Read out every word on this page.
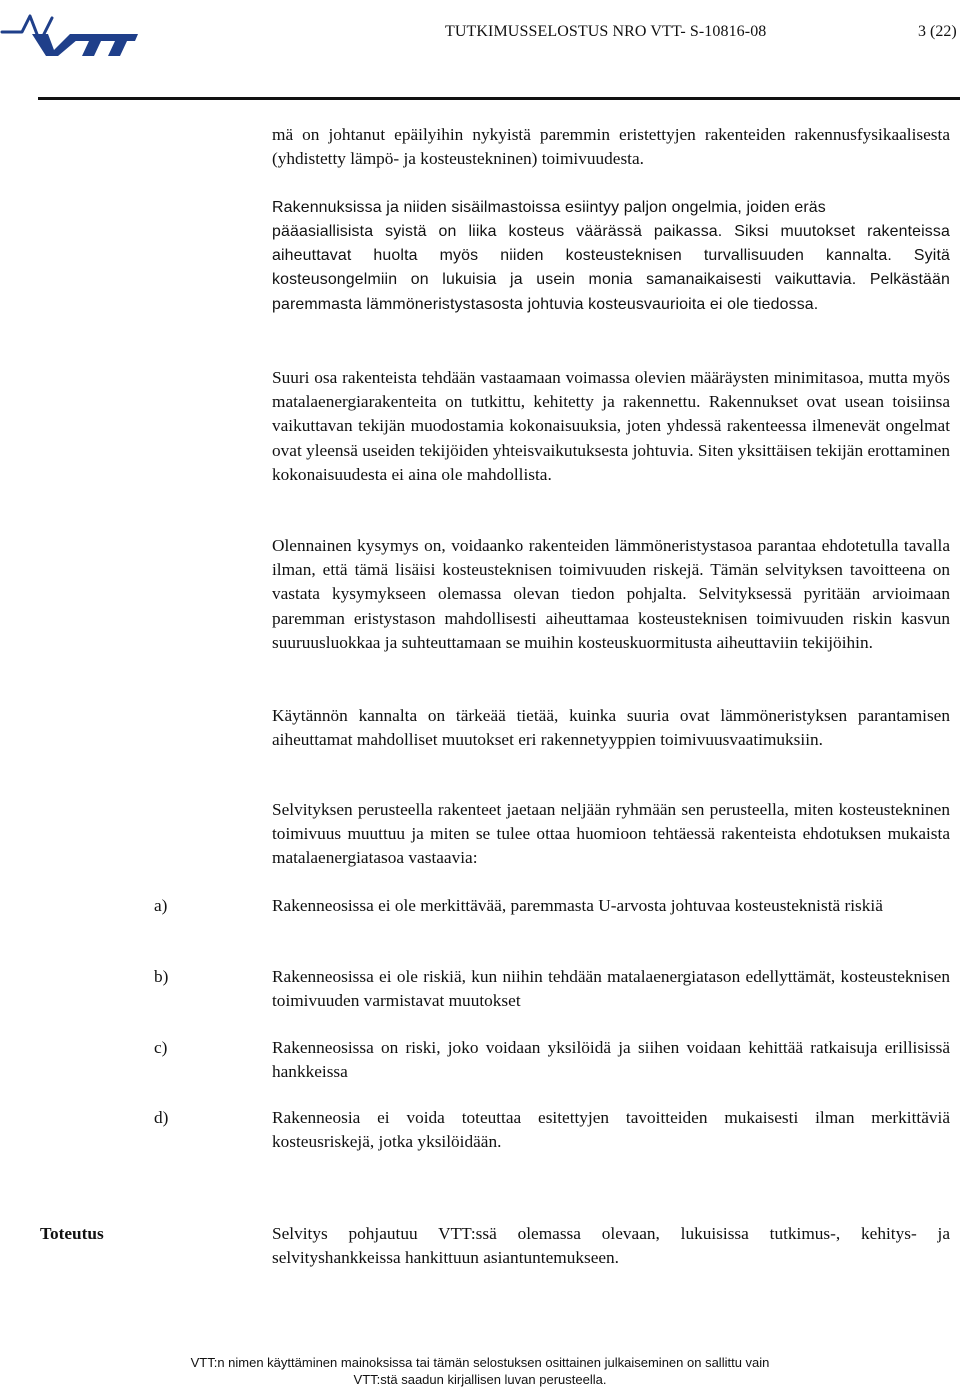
TUTKIMUSSELOSTUS NRO VTT- S-10816-08	3 (22)
mä on johtanut epäilyihin nykyistä paremmin eristettyjen rakenteiden rakennusfysikaalisesta (yhdistetty lämpö- ja kosteustekninen) toimivuudesta.
Rakennuksissa ja niiden sisäilmastoissa esiintyy paljon ongelmia, joiden eräs
pääasiallisista syistä on liika kosteus väärässä paikassa. Siksi muutokset rakenteissa aiheuttavat huolta myös niiden kosteusteknisen turvallisuuden kannalta. Syitä kosteusongelmiin on lukuisia ja usein monia samanaikaisesti vaikuttavia. Pelkästään paremmasta lämmöneristystasosta johtuvia kosteusvaurioita ei ole tiedossa.
Suuri osa rakenteista tehdään vastaamaan voimassa olevien määräysten minimitasoa, mutta myös matalaenergiarakenteita on tutkittu, kehitetty ja rakennettu. Rakennukset ovat usean toisiinsa vaikuttavan tekijän muodostamia kokonaisuuksia, joten yhdessä rakenteessa ilmenevät ongelmat ovat yleensä useiden tekijöiden yhteisvaikutuksesta johtuvia. Siten yksittäisen tekijän erottaminen kokonaisuudesta ei aina ole mahdollista.
Olennainen kysymys on, voidaanko rakenteiden lämmöneristystasoa parantaa ehdotetulla tavalla ilman, että tämä lisäisi kosteusteknisen toimivuuden riskejä. Tämän selvityksen tavoitteena on vastata kysymykseen olemassa olevan tiedon pohjalta. Selvityksessä pyritään arvioimaan paremman eristystason mahdollisesti aiheuttamaa kosteusteknisen toimivuuden riskin kasvun suuruusluokkaa ja suhteuttamaan se muihin kosteuskuormitusta aiheuttaviin tekijöihin.
Käytännön kannalta on tärkeää tietää, kuinka suuria ovat lämmöneristyksen parantamisen aiheuttamat mahdolliset muutokset eri rakennetyyppien toimivuusvaatimuksiin.
Selvityksen perusteella rakenteet jaetaan neljään ryhmään sen perusteella, miten kosteustekninen toimivuus muuttuu ja miten se tulee ottaa huomioon tehtäessä rakenteista ehdotuksen mukaista matalaenergiatasoa vastaavia:
a)	Rakenneosissa ei ole merkittävää, paremmasta U-arvosta johtuvaa kosteusteknistä riskiä
b)	Rakenneosissa ei ole riskiä, kun niihin tehdään matalaenergiatason edellyttämät, kosteusteknisen toimivuuden varmistavat muutokset
c)	Rakenneosissa on riski, joko voidaan yksilöidä ja siihen voidaan kehittää ratkaisuja erillisissä hankkeissa
d)	Rakenneosia ei voida toteuttaa esitettyjen tavoitteiden mukaisesti ilman merkittäviä kosteusriskejä, jotka yksilöidään.
Toteutus	Selvitys pohjautuu VTT:ssä olemassa olevaan, lukuisissa tutkimus-, kehitys- ja selvityshankkeissa hankittuun asiantuntemukseen.
VTT:n nimen käyttäminen mainoksissa tai tämän selostuksen osittainen julkaiseminen on sallittu vain
VTT:stä saadun kirjallisen luvan perusteella.
